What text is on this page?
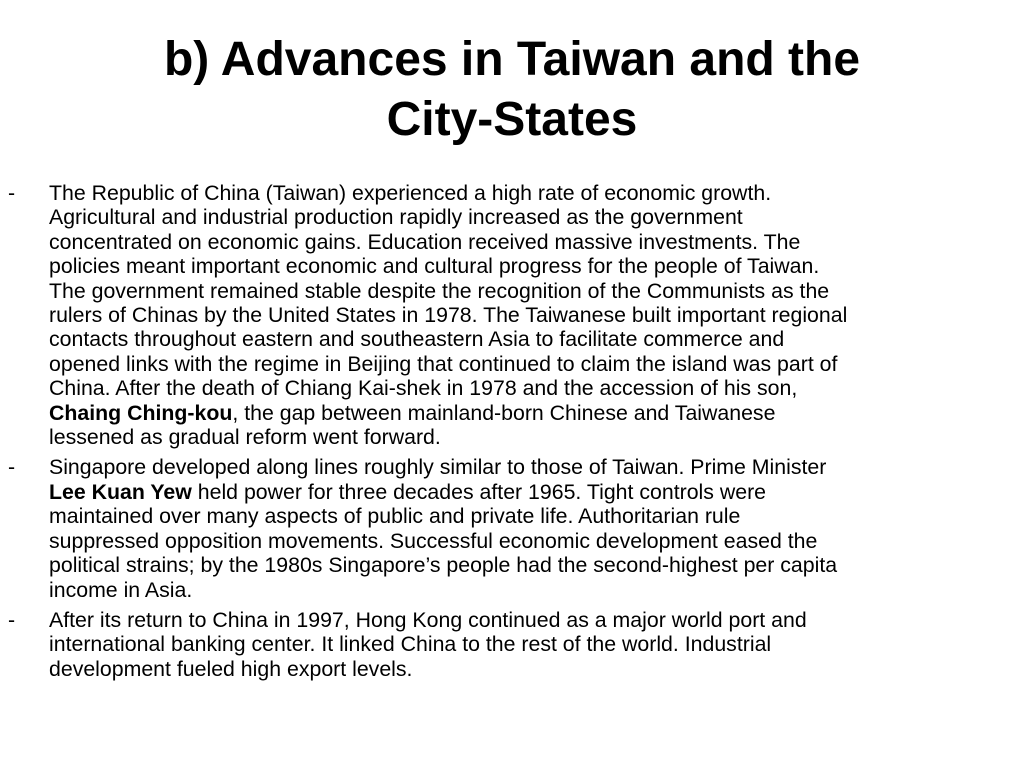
b) Advances in Taiwan and the
City-States
- The Republic of China (Taiwan) experienced a high rate of economic growth.
Agricultural and industrial production rapidly increased as the government
concentrated on economic gains. Education received massive investments. The
policies meant important economic and cultural progress for the people of Taiwan.
The government remained stable despite the recognition of the Communists as the
rulers of Chinas by the United States in 1978. The Taiwanese built important regional
contacts throughout eastern and southeastern Asia to facilitate commerce and
opened links with the regime in Beijing that continued to claim the island was part of
China. After the death of Chiang Kai-shek in 1978 and the accession of his son,
Chaing Ching-kou, the gap between mainland-born Chinese and Taiwanese
lessened as gradual reform went forward.
- Singapore developed along lines roughly similar to those of Taiwan. Prime Minister
Lee Kuan Yew held power for three decades after 1965. Tight controls were
maintained over many aspects of public and private life. Authoritarian rule
suppressed opposition movements. Successful economic development eased the
political strains; by the 1980s Singapore’s people had the second-highest per capita
income in Asia.
- After its return to China in 1997, Hong Kong continued as a major world port and
international banking center. It linked China to the rest of the world. Industrial
development fueled high export levels.
